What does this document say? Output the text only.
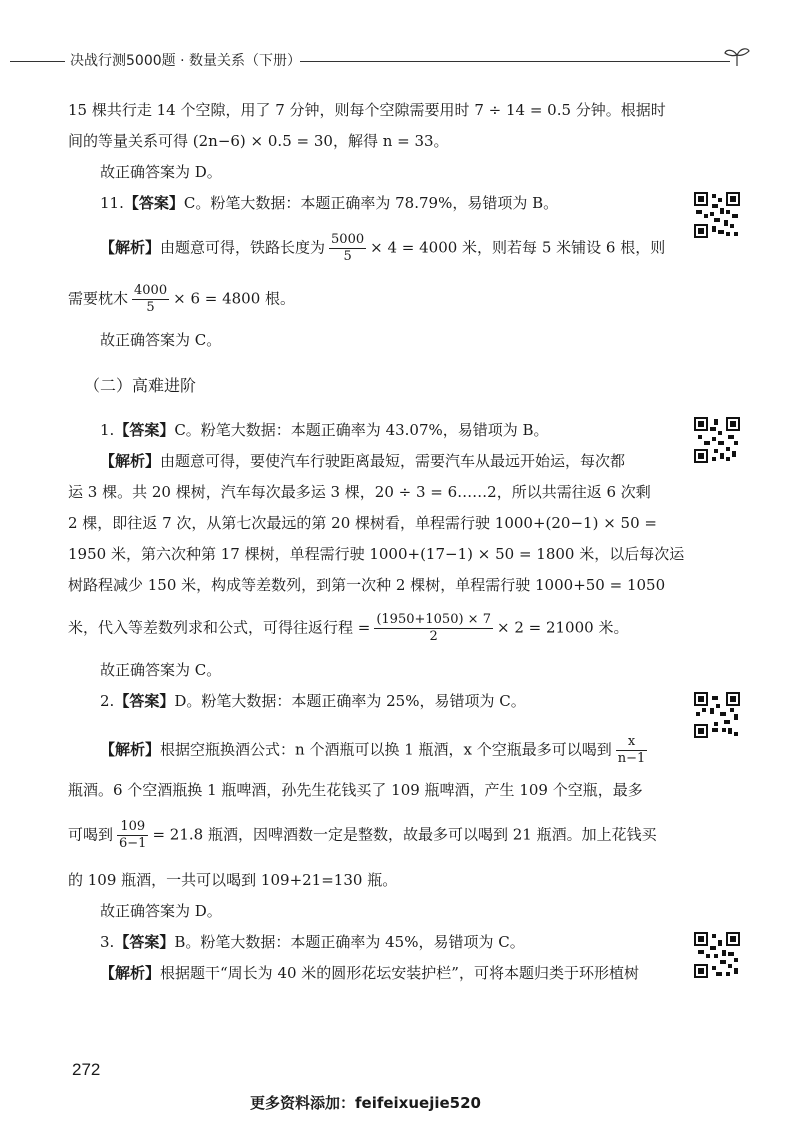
决战行测5000题 · 数量关系（下册）
15 棵共行走 14 个空隙，用了 7 分钟，则每个空隙需要用时 7 ÷ 14 = 0.5 分钟。根据时
间的等量关系可得 (2n−6) × 0.5 = 30，解得 n = 33。
故正确答案为 D。
11.【答案】C。粉笔大数据：本题正确率为 78.79%，易错项为 B。
【解析】由题意可得，铁路长度为 $\frac{5000}{5} \times 4 = 4000$ 米，则若每 5 米铺设 6 根，则
需要枕木 $\frac{4000}{5} \times 6 = 4800$ 根。
故正确答案为 C。
（二）高难进阶
1.【答案】C。粉笔大数据：本题正确率为 43.07%，易错项为 B。
【解析】由题意可得，要使汽车行驶距离最短，需要汽车从最远开始运，每次都
运 3 棵。共 20 棵树，汽车每次最多运 3 棵，20 ÷ 3 = 6……2，所以共需往返 6 次剩
2 棵，即往返 7 次，从第七次最远的第 20 棵树看，单程需行驶 1000+(20−1) × 50 =
1950 米，第六次种第 17 棵树，单程需行驶 1000+(17−1) × 50 = 1800 米，以后每次运
树路程减少 150 米，构成等差数列，到第一次种 2 棵树，单程需行驶 1000+50 = 1050
米，代入等差数列求和公式，可得往返行程 = $\frac{(1950+1050) \times 7}{2} \times 2 = 21000$ 米。
故正确答案为 C。
2.【答案】D。粉笔大数据：本题正确率为 25%，易错项为 C。
【解析】根据空瓶换酒公式：n 个酒瓶可以换 1 瓶酒，x 个空瓶最多可以喝到 $\frac{x}{n-1}$
瓶酒。6 个空酒瓶换 1 瓶啤酒，孙先生花钱买了 109 瓶啤酒，产生 109 个空瓶，最多
可喝到 $\frac{109}{6-1} = 21.8$ 瓶酒，因啤酒数一定是整数，故最多可以喝到 21 瓶酒。加上花钱买
的 109 瓶酒，一共可以喝到 109+21=130 瓶。
故正确答案为 D。
3.【答案】B。粉笔大数据：本题正确率为 45%，易错项为 C。
【解析】根据题干“周长为 40 米的圆形花坛安装护栏”，可将本题归类于环形植树
272
更多资料添加：feifeixuejie520
